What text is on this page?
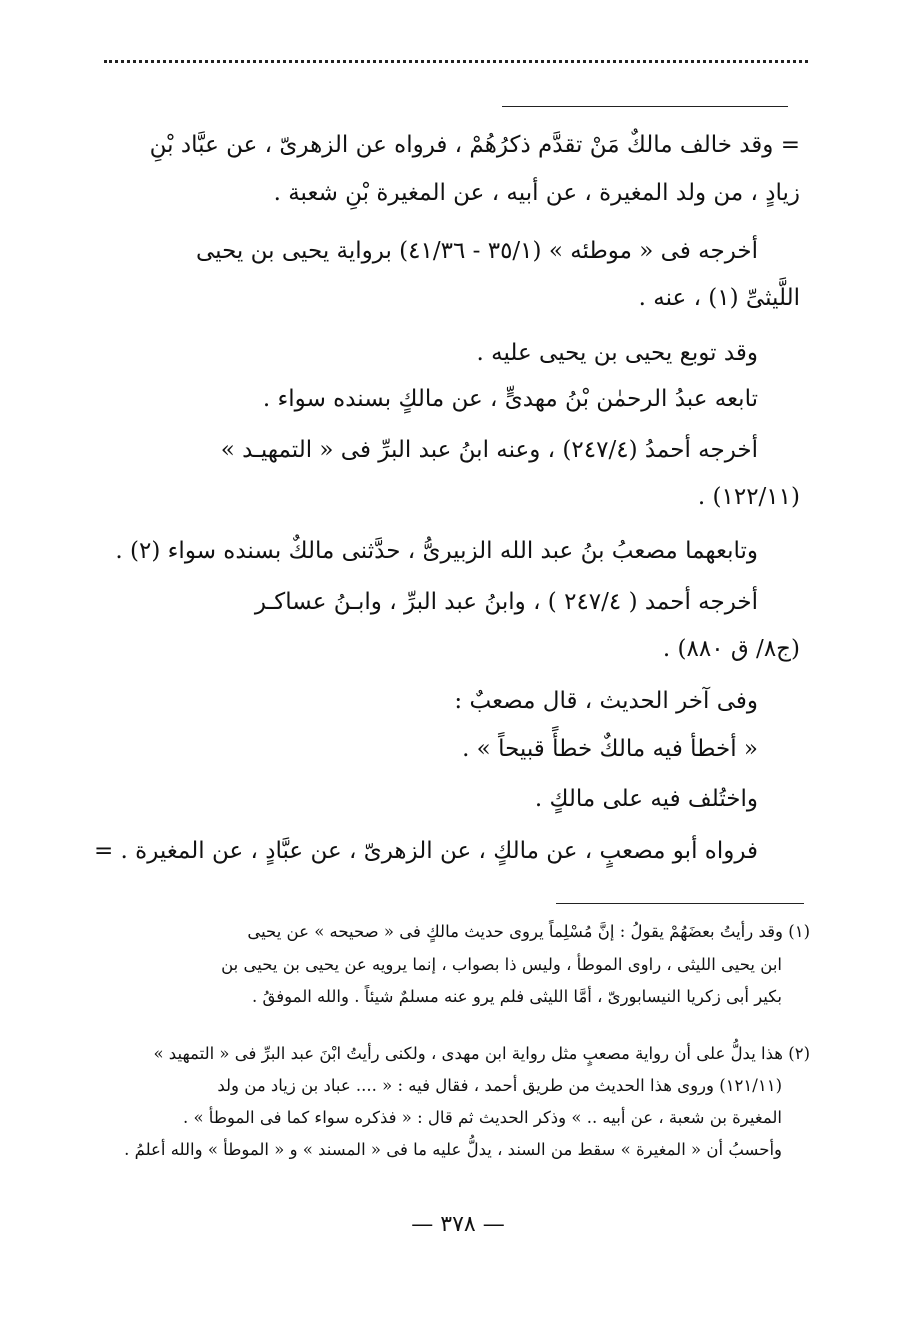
= وقد خالف مالكٌ مَنْ تقدَّم ذكرُهُمْ ، فرواه عن الزهرىّ ، عن عبَّاد بْنِ
زيادٍ ، من ولد المغيرة ، عن أبيه ، عن المغيرة بْنِ شعبة .
أخرجه فى « موطئه » (٣٥/١ - ٤١/٣٦) برواية يحيى بن يحيى
اللَّيثىِّ (١) ، عنه .
وقد توبع يحيى بن يحيى عليه .
تابعه عبدُ الرحمٰن بْنُ مهدىٍّ ، عن مالكٍ بسنده سواء .
أخرجه أحمدُ (٢٤٧/٤) ، وعنه ابنُ عبد البرِّ فى « التمهيـد »
(١٢٢/١١) .
وتابعهما مصعبُ بنُ عبد الله الزبيرىُّ ، حدَّثنى مالكٌ بسنده سواء (٢) .
أخرجه أحمد ( ٢٤٧/٤ ) ، وابنُ عبد البرِّ ، وابـنُ عساكـر
(ج٨/ ق ٨٨٠) .
وفى آخر الحديث ، قال مصعبٌ :
« أخطأ فيه مالكٌ خطأً قبيحاً » .
واختُلف فيه على مالكٍ .
فرواه أبو مصعبٍ ، عن مالكٍ ، عن الزهرىّ ، عن عبَّادٍ ، عن المغيرة . =
(١) وقد رأيتُ بعضَهُمْ يقولُ : إنَّ مُسْلِماً يروى حديث مالكٍ فى « صحيحه » عن يحيى
ابن يحيى الليثى ، راوى الموطأ ، وليس ذا بصواب ، إنما يرويه عن يحيى بن يحيى بن
بكير أبى زكريا النيسابورىّ ، أمَّا الليثى فلم يرو عنه مسلمٌ شيئاً . والله الموفقُ .
(٢) هذا يدلُّ على أن رواية مصعبٍ مثل رواية ابن مهدى ، ولكنى رأيتُ ابْنَ عبد البرِّ فى « التمهيد »
(١٢١/١١) وروى هذا الحديث من طريق أحمد ، فقال فيه : « .... عباد بن زياد من ولد
المغيرة بن شعبة ، عن أبيه .. » وذكر الحديث ثم قال : « فذكره سواء كما فى الموطأ » .
وأحسبُ أن « المغيرة » سقط من السند ، يدلُّ عليه ما فى « المسند » و « الموطأ » والله أعلمُ .
— ٣٧٨ —
